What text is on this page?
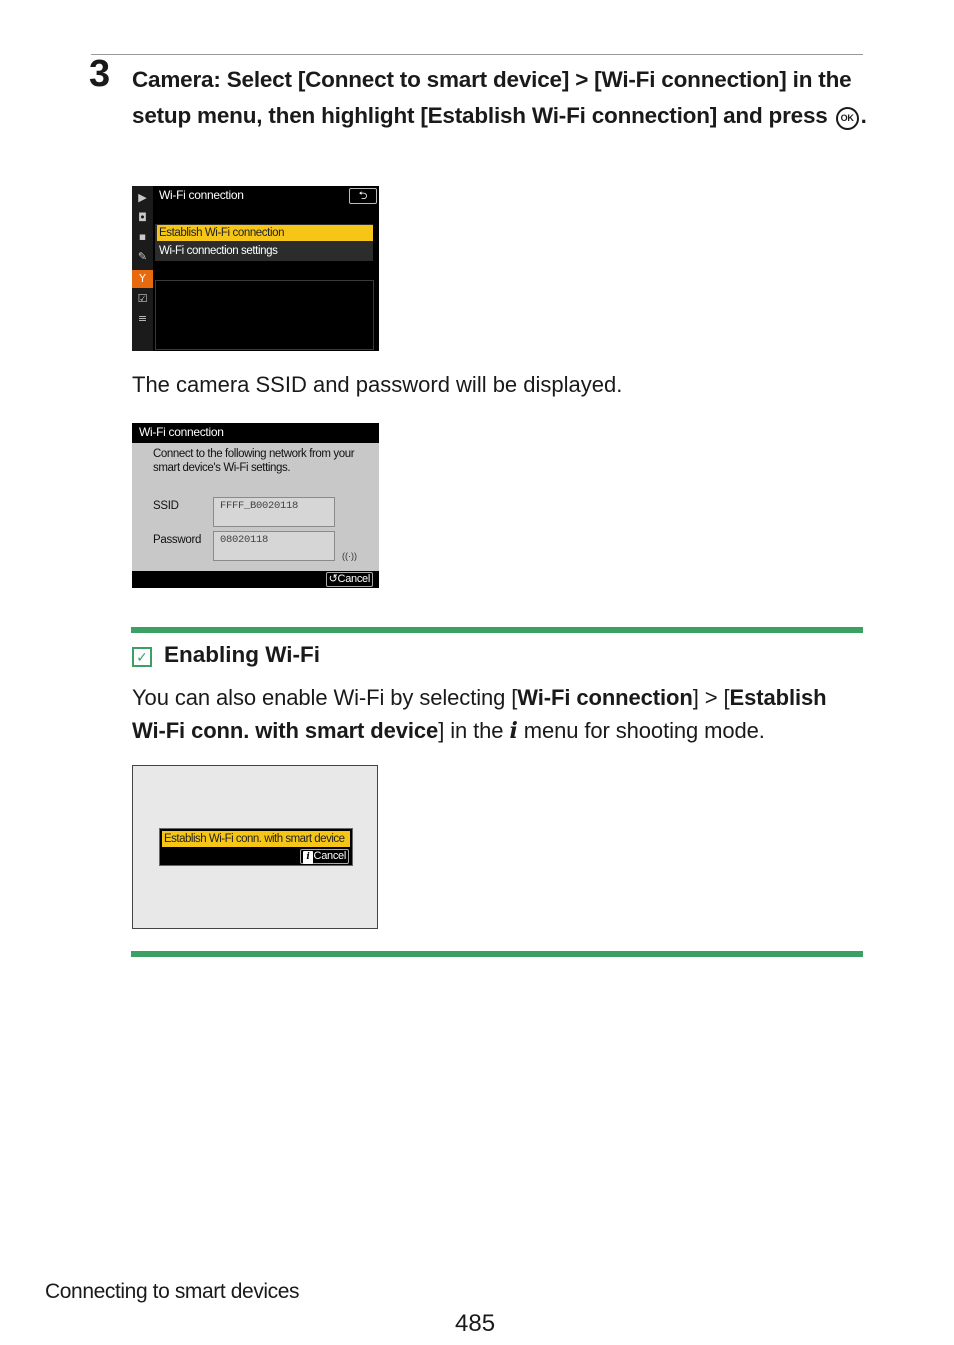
3 Camera: Select [Connect to smart device] > [Wi-Fi connection] in the setup menu, then highlight [Establish Wi-Fi connection] and press OK .
▶
◘
▪
✎
Y
☑
≡
Wi-Fi connection	⮌
Establish Wi-Fi connection
Wi-Fi connection settings
The camera SSID and password will be displayed.
Wi-Fi connection
Connect to the following network from your smart device's Wi-Fi settings.
SSID	FFFF_B0020118
Password 08020118
((·))
↺Cancel
✓ Enabling Wi-Fi
You can also enable Wi-Fi by selecting [Wi-Fi connection] > [Establish Wi-Fi conn. with smart device] in the i menu for shooting mode.
Establish Wi-Fi conn. with smart device
i Cancel
Connecting to smart devices
485
